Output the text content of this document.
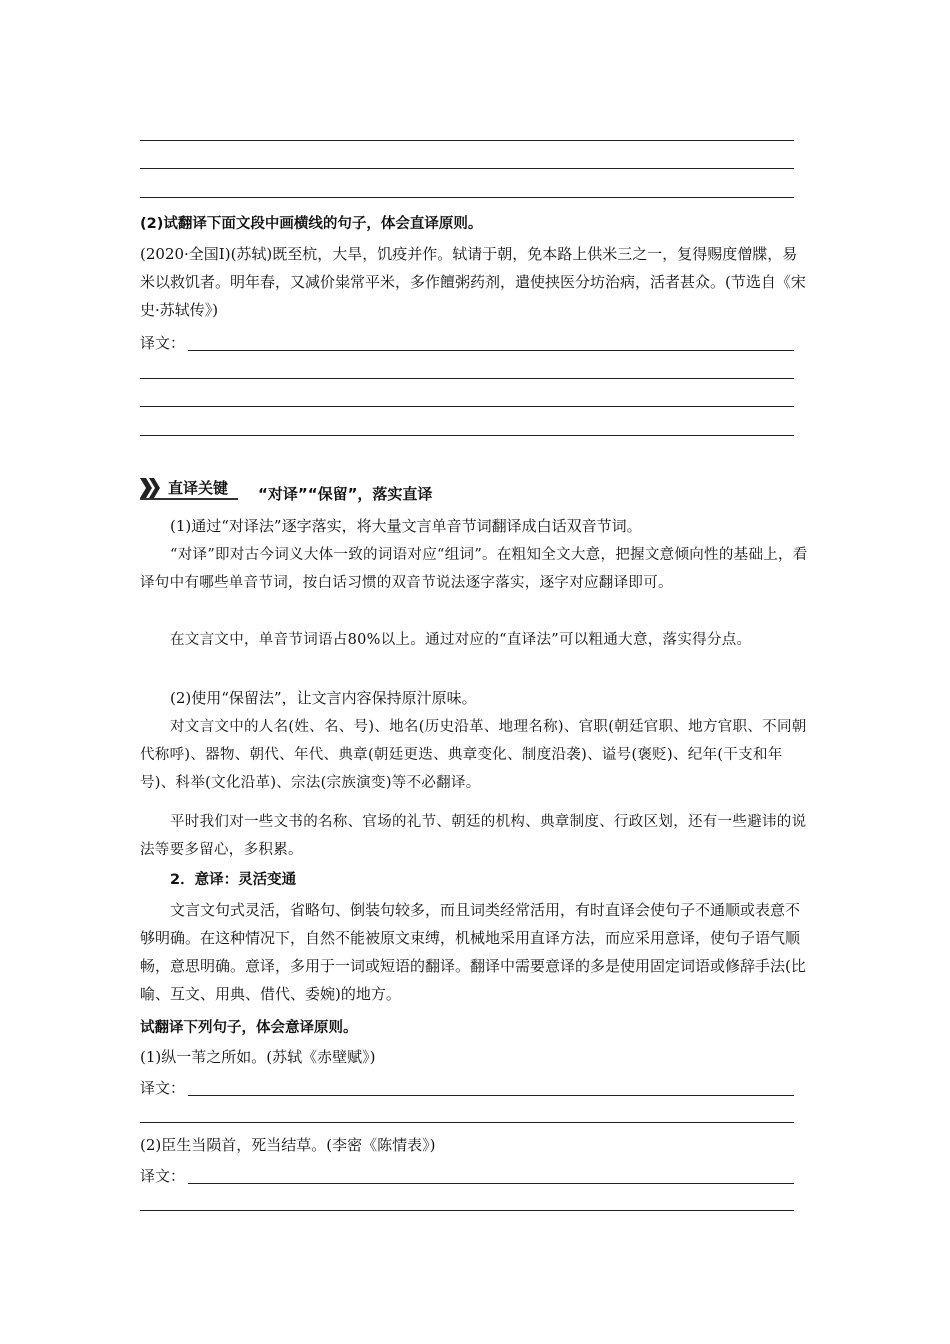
(2)试翻译下面文段中画横线的句子，体会直译原则。
(2020·全国Ⅰ)(苏轼)既至杭，大旱，饥疫并作。轼请于朝，免本路上供米三之一，复得赐度僧牒，易米以救饥者。明年春，又减价粜常平米，多作饘粥药剂，遣使挟医分坊治病，活者甚众。(节选自《宋史·苏轼传》)
译文：
直译关键 “对译”“保留”，落实直译
(1)通过“对译法”逐字落实，将大量文言单音节词翻译成白话双音节词。
“对译”即对古今词义大体一致的词语对应“组词”。在粗知全文大意，把握文意倾向性的基础上，看译句中有哪些单音节词，按白话习惯的双音节说法逐字落实，逐字对应翻译即可。
在文言文中，单音节词语占80%以上。通过对应的“直译法”可以粗通大意，落实得分点。
(2)使用“保留法”，让文言内容保持原汁原味。
对文言文中的人名(姓、名、号)、地名(历史沿革、地理名称)、官职(朝廷官职、地方官职、不同朝代称呼)、器物、朝代、年代、典章(朝廷更迭、典章变化、制度沿袭)、谥号(褒贬)、纪年(干支和年号)、科举(文化沿革)、宗法(宗族演变)等不必翻译。
平时我们对一些文书的名称、官场的礼节、朝廷的机构、典章制度、行政区划，还有一些避讳的说法等要多留心，多积累。
2．意译：灵活变通
文言文句式灵活，省略句、倒装句较多，而且词类经常活用，有时直译会使句子不通顺或表意不够明确。在这种情况下，自然不能被原文束缚，机械地采用直译方法，而应采用意译，使句子语气顺畅，意思明确。意译，多用于一词或短语的翻译。翻译中需要意译的多是使用固定词语或修辞手法(比喻、互文、用典、借代、委婉)的地方。
试翻译下列句子，体会意译原则。
(1)纵一苇之所如。(苏轼《赤壁赋》)
译文：
(2)臣生当陨首，死当结草。(李密《陈情表》)
译文：
